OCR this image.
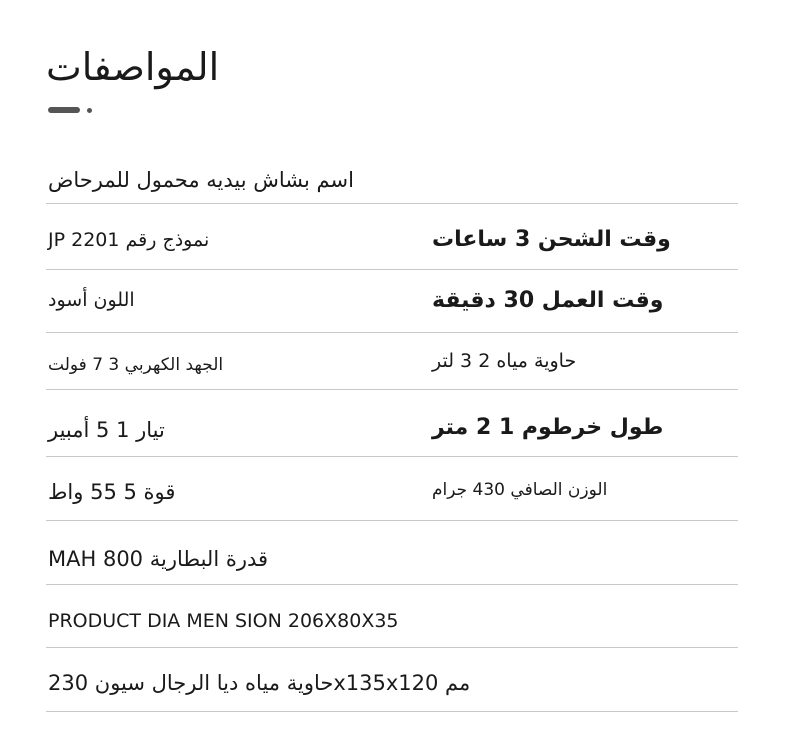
المواصفات
اسم بشاش بيديه محمول للمرحاض
JP 2201 نموذج رقم	وقت الشحن 3 ساعات
اللون أسود	وقت العمل 30 دقيقة
الجهد الكهربي 3 7 فولت	حاوية مياه 2 3 لتر
تيار 1 5 أمبير	طول خرطوم 1 2 متر
قوة 5 55 واط	الوزن الصافي 430 جرام
MAH قدرة البطارية 800
PRODUCT DIA MEN SION 206X80X35
مم x135x120حاوية مياه ديا الرجال سيون 230
